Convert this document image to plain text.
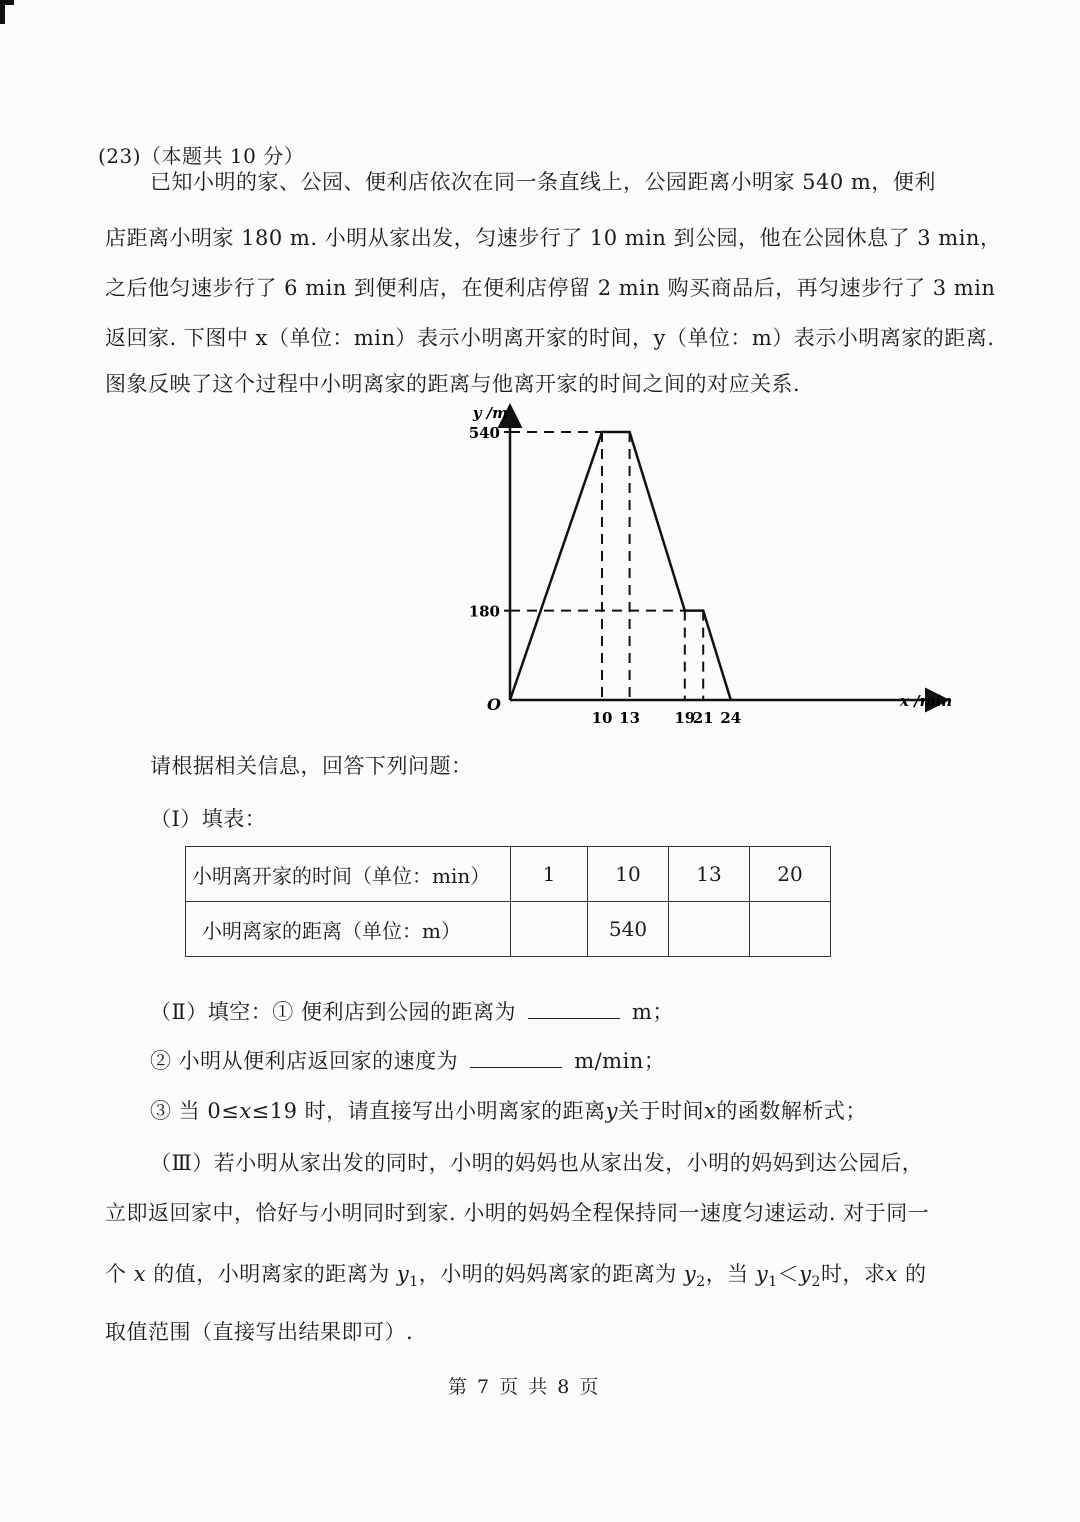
(23)（本题共 10 分）
已知小明的家、公园、便利店依次在同一条直线上，公园距离小明家 540 m，便利
店距离小明家 180 m. 小明从家出发，匀速步行了 10 min 到公园，他在公园休息了 3 min，
之后他匀速步行了 6 min 到便利店，在便利店停留 2 min 购买商品后，再匀速步行了 3 min
返回家. 下图中 x（单位：min）表示小明离开家的时间，y（单位：m）表示小明离家的距离.
图象反映了这个过程中小明离家的距离与他离开家的时间之间的对应关系.
540
180
10 13 19
21 24
O	x /min
y /m
请根据相关信息，回答下列问题：
（Ⅰ）填表：
小明离开家的时间（单位：min）	1	10	13	20
小明离家的距离（单位：m）		540		
（Ⅱ）填空：① 便利店到公园的距离为	m；
② 小明从便利店返回家的速度为	m/min；
③ 当 0≤x≤19 时，请直接写出小明离家的距离y关于时间x的函数解析式；
（Ⅲ）若小明从家出发的同时，小明的妈妈也从家出发，小明的妈妈到达公园后，
立即返回家中，恰好与小明同时到家. 小明的妈妈全程保持同一速度匀速运动. 对于同一
个 x 的值，小明离家的距离为 $y_1$，小明的妈妈离家的距离为 $y_2$，当 $y_1<y_2$时，求x 的
取值范围（直接写出结果即可）.
第 7 页 共 8 页
